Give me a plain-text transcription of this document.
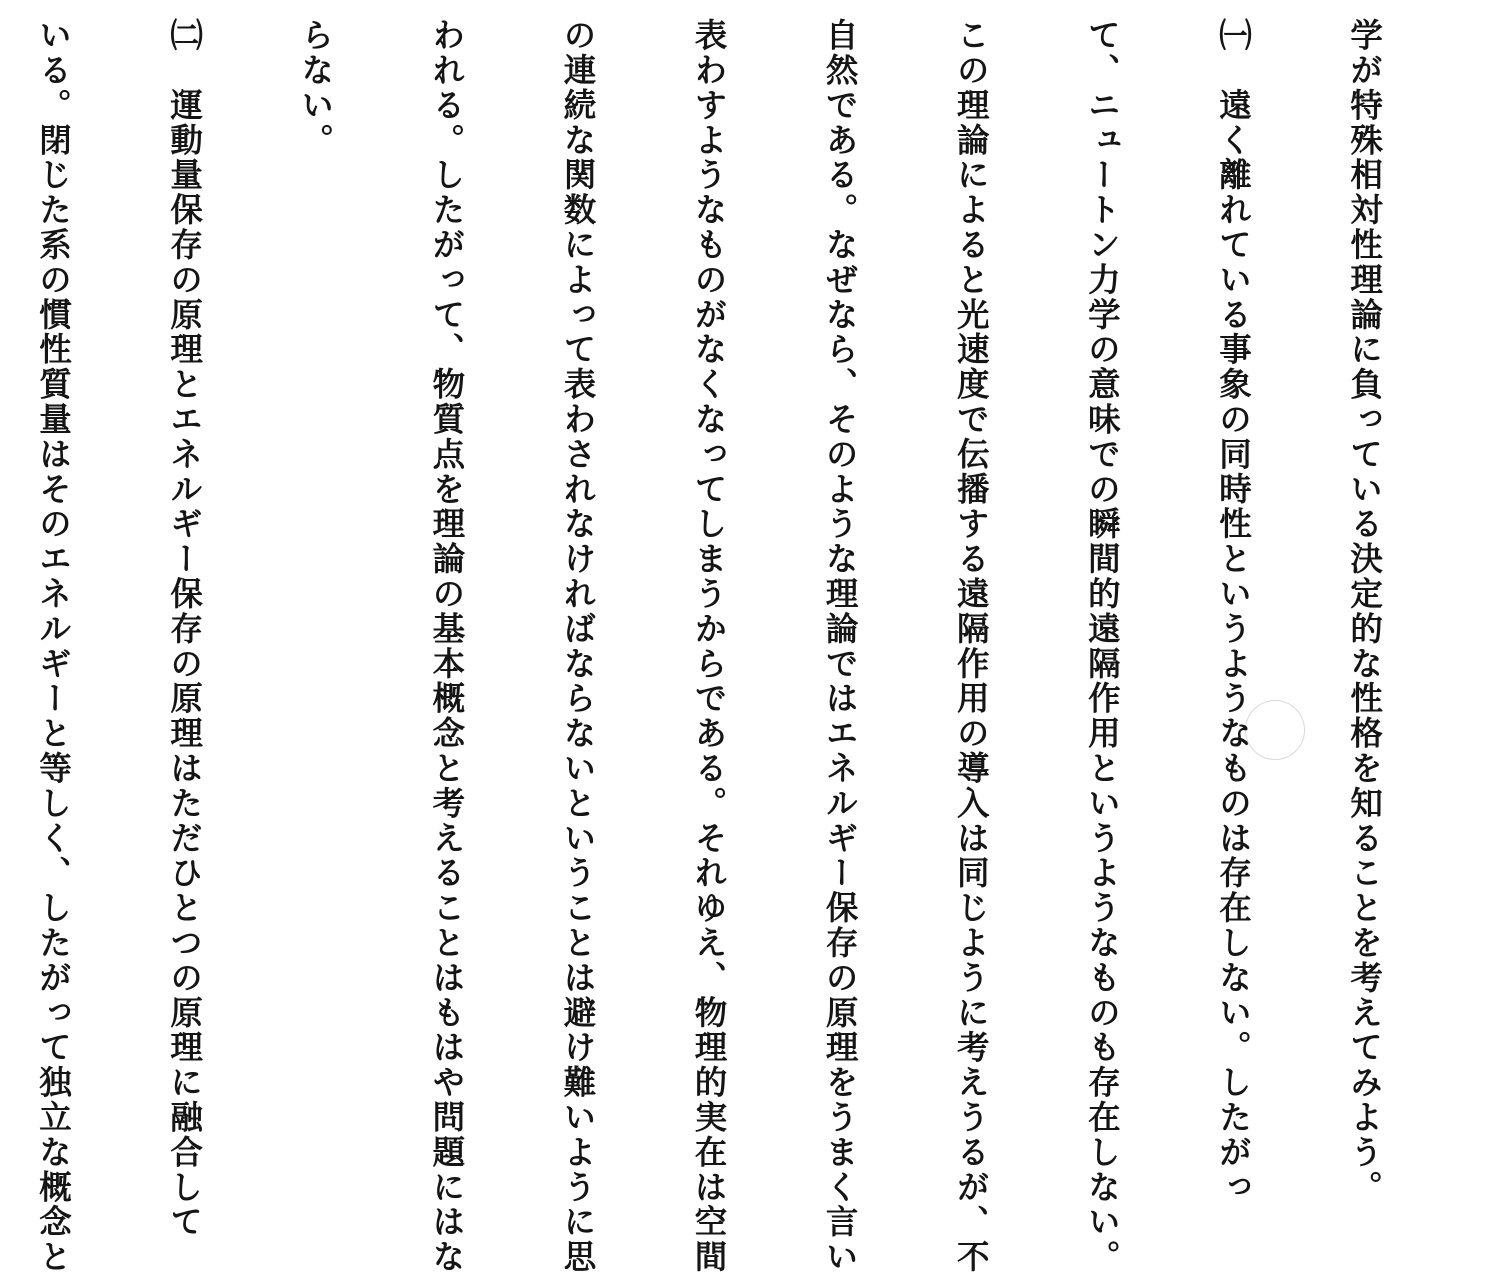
学が特殊相対性理論に負っている決定的な性格を知ることを考えてみよう。

㈠　遠く離れている事象の同時性というようなものは存在しない。したがっ

て、ニュートン力学の意味での瞬間的遠隔作用というようなものも存在しない。

この理論によると光速度で伝播する遠隔作用の導入は同じように考えうるが、不

自然である。なぜなら、そのような理論ではエネルギー保存の原理をうまく言い

表わすようなものがなくなってしまうからである。それゆえ、物理的実在は空間

の連続な関数によって表わされなければならないということは避け難いように思

われる。したがって、物質点を理論の基本概念と考えることはもはや問題にはな

らない。

㈡　運動量保存の原理とエネルギー保存の原理はただひとつの原理に融合して

いる。閉じた系の慣性質量はそのエネルギーと等しく、したがって独立な概念と
